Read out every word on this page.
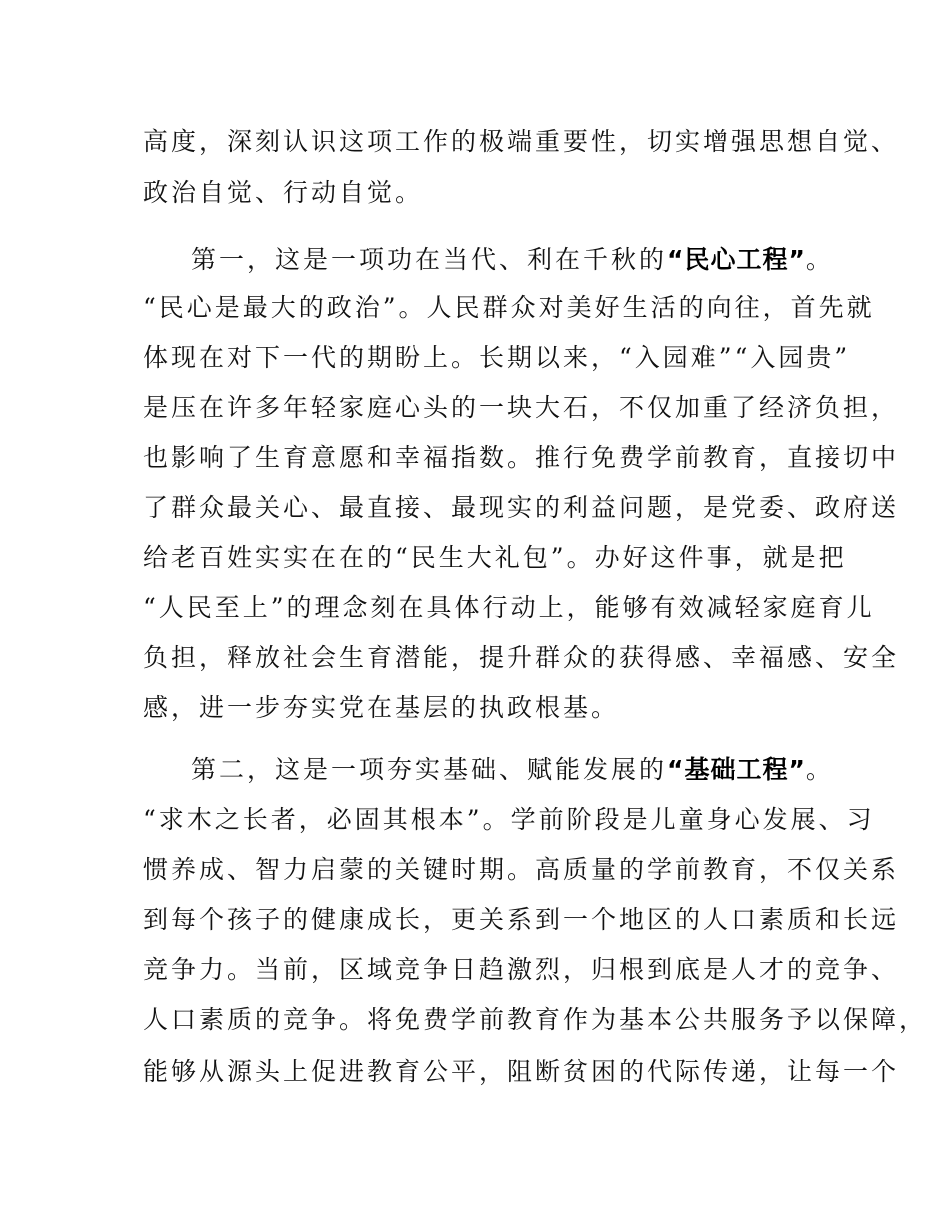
高度，深刻认识这项工作的极端重要性，切实增强思想自觉、
政治自觉、行动自觉。
第一，这是一项功在当代、利在千秋的“民心工程”。
“民心是最大的政治”。人民群众对美好生活的向往，首先就
体现在对下一代的期盼上。长期以来，“入园难”“入园贵”
是压在许多年轻家庭心头的一块大石，不仅加重了经济负担，
也影响了生育意愿和幸福指数。推行免费学前教育，直接切中
了群众最关心、最直接、最现实的利益问题，是党委、政府送
给老百姓实实在在的“民生大礼包”。办好这件事，就是把
“人民至上”的理念刻在具体行动上，能够有效减轻家庭育儿
负担，释放社会生育潜能，提升群众的获得感、幸福感、安全
感，进一步夯实党在基层的执政根基。
第二，这是一项夯实基础、赋能发展的“基础工程”。
“求木之长者，必固其根本”。学前阶段是儿童身心发展、习
惯养成、智力启蒙的关键时期。高质量的学前教育，不仅关系
到每个孩子的健康成长，更关系到一个地区的人口素质和长远
竞争力。当前，区域竞争日趋激烈，归根到底是人才的竞争、
人口素质的竞争。将免费学前教育作为基本公共服务予以保障，
能够从源头上促进教育公平，阻断贫困的代际传递，让每一个
